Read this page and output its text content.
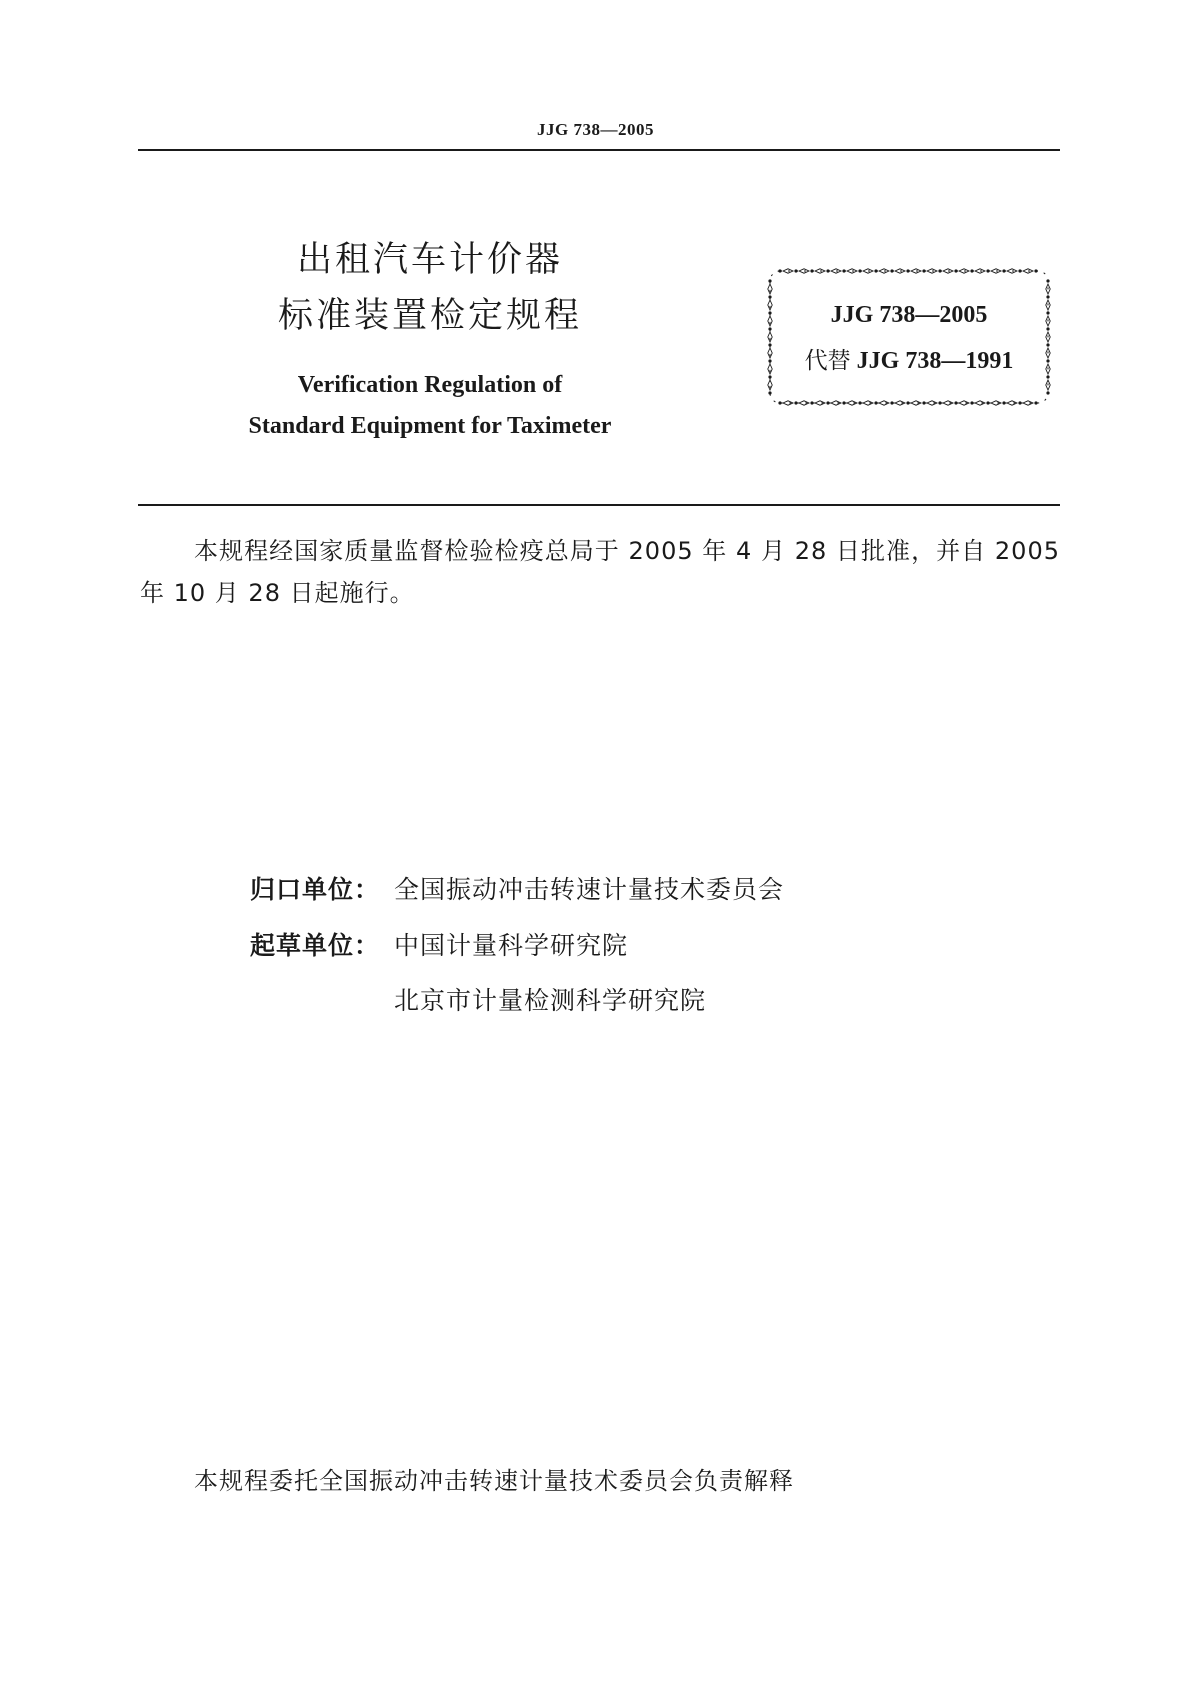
JJG 738—2005
出租汽车计价器
标准装置检定规程
Verification Regulation of
Standard Equipment for Taximeter
JJG 738—2005
代替 JJG 738—1991
本规程经国家质量监督检验检疫总局于 2005 年 4 月 28 日批准，并自 2005 年 10 月 28 日起施行。
归口单位： 全国振动冲击转速计量技术委员会
起草单位： 中国计量科学研究院
北京市计量检测科学研究院
本规程委托全国振动冲击转速计量技术委员会负责解释
